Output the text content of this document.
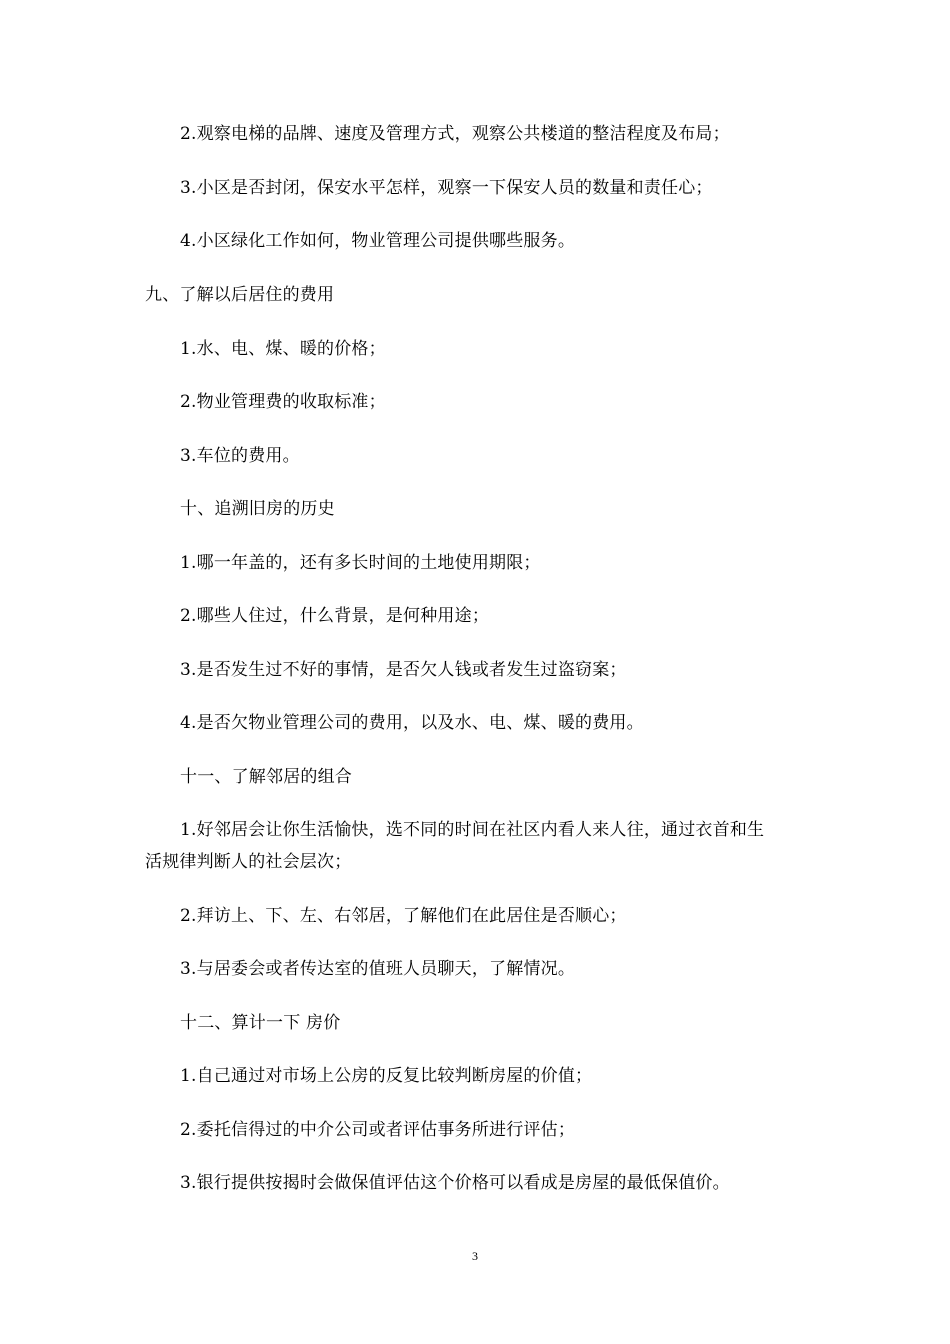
2.观察电梯的品牌、速度及管理方式，观察公共楼道的整洁程度及布局；
3.小区是否封闭，保安水平怎样，观察一下保安人员的数量和责任心；
4.小区绿化工作如何，物业管理公司提供哪些服务。
九、了解以后居住的费用
1.水、电、煤、暖的价格；
2.物业管理费的收取标准；
3.车位的费用。
十、追溯旧房的历史
1.哪一年盖的，还有多长时间的土地使用期限；
2.哪些人住过，什么背景，是何种用途；
3.是否发生过不好的事情，是否欠人钱或者发生过盗窃案；
4.是否欠物业管理公司的费用，以及水、电、煤、暖的费用。
十一、了解邻居的组合
1.好邻居会让你生活愉快，选不同的时间在社区内看人来人往，通过衣首和生
活规律判断人的社会层次；
2.拜访上、下、左、右邻居，了解他们在此居住是否顺心；
3.与居委会或者传达室的值班人员聊天，了解情况。
十二、算计一下 房价
1.自己通过对市场上公房的反复比较判断房屋的价值；
2.委托信得过的中介公司或者评估事务所进行评估；
3.银行提供按揭时会做保值评估这个价格可以看成是房屋的最低保值价。
3
